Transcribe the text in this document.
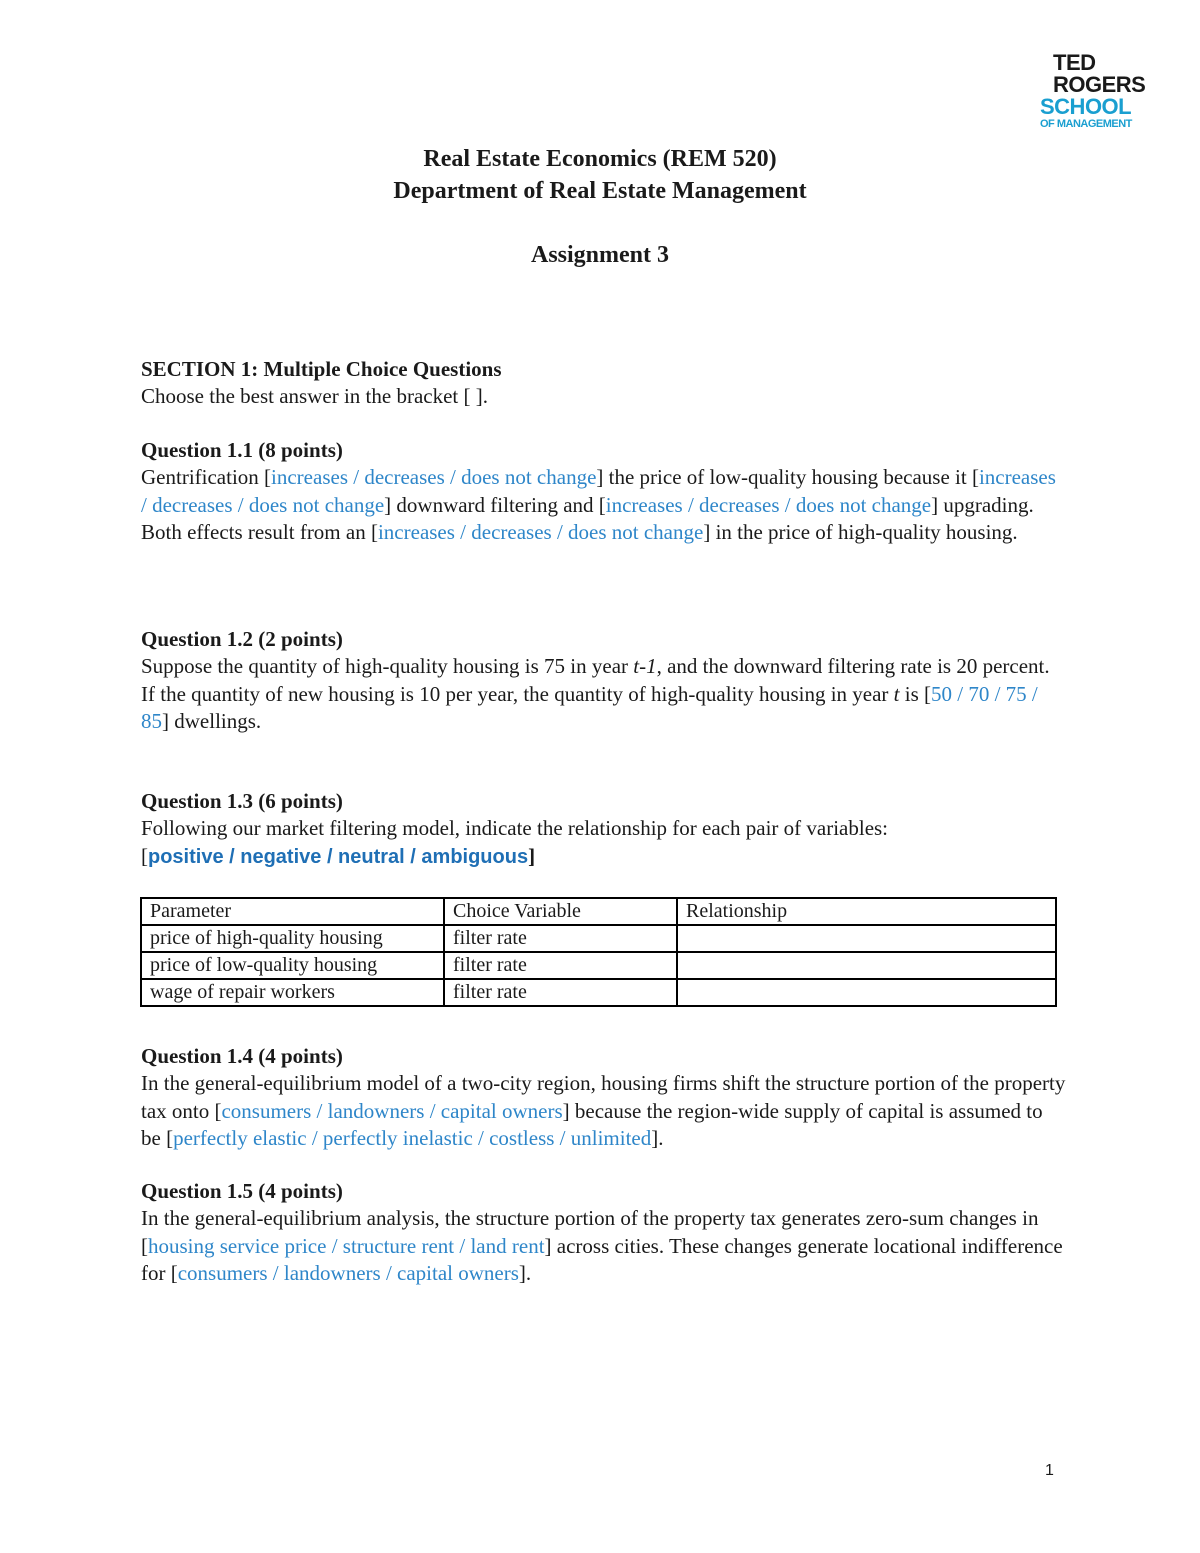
TED
ROGERS
SCHOOL
OF MANAGEMENT
Real Estate Economics (REM 520)
Department of Real Estate Management
Assignment 3

SECTION 1: Multiple Choice Questions

Choose the best answer in the bracket [ ].

Question 1.1 (8 points)

Gentrification [increases / decreases / does not change] the price of low-quality housing because it [increases / decreases / does not change] downward filtering and [increases / decreases / does not change] upgrading. Both effects result from an [increases / decreases / does not change] in the price of high-quality housing.

Question 1.2 (2 points)

Suppose the quantity of high-quality housing is 75 in year t-1, and the downward filtering rate is 20 percent. If the quantity of new housing is 10 per year, the quantity of high-quality housing in year t is [50 / 70 / 75 / 85] dwellings.

Question 1.3 (6 points)

Following our market filtering model, indicate the relationship for each pair of variables:

[positive / negative / neutral / ambiguous]

Parameter	Choice Variable	Relationship
price of high-quality housing	filter rate	
price of low-quality housing	filter rate	
wage of repair workers	filter rate	

Question 1.4 (4 points)

In the general-equilibrium model of a two-city region, housing firms shift the structure portion of the property tax onto [consumers / landowners / capital owners] because the region-wide supply of capital is assumed to be [perfectly elastic / perfectly inelastic / costless / unlimited].

Question 1.5 (4 points)

In the general-equilibrium analysis, the structure portion of the property tax generates zero-sum changes in [housing service price / structure rent / land rent] across cities. These changes generate locational indifference for [consumers / landowners / capital owners].

1
